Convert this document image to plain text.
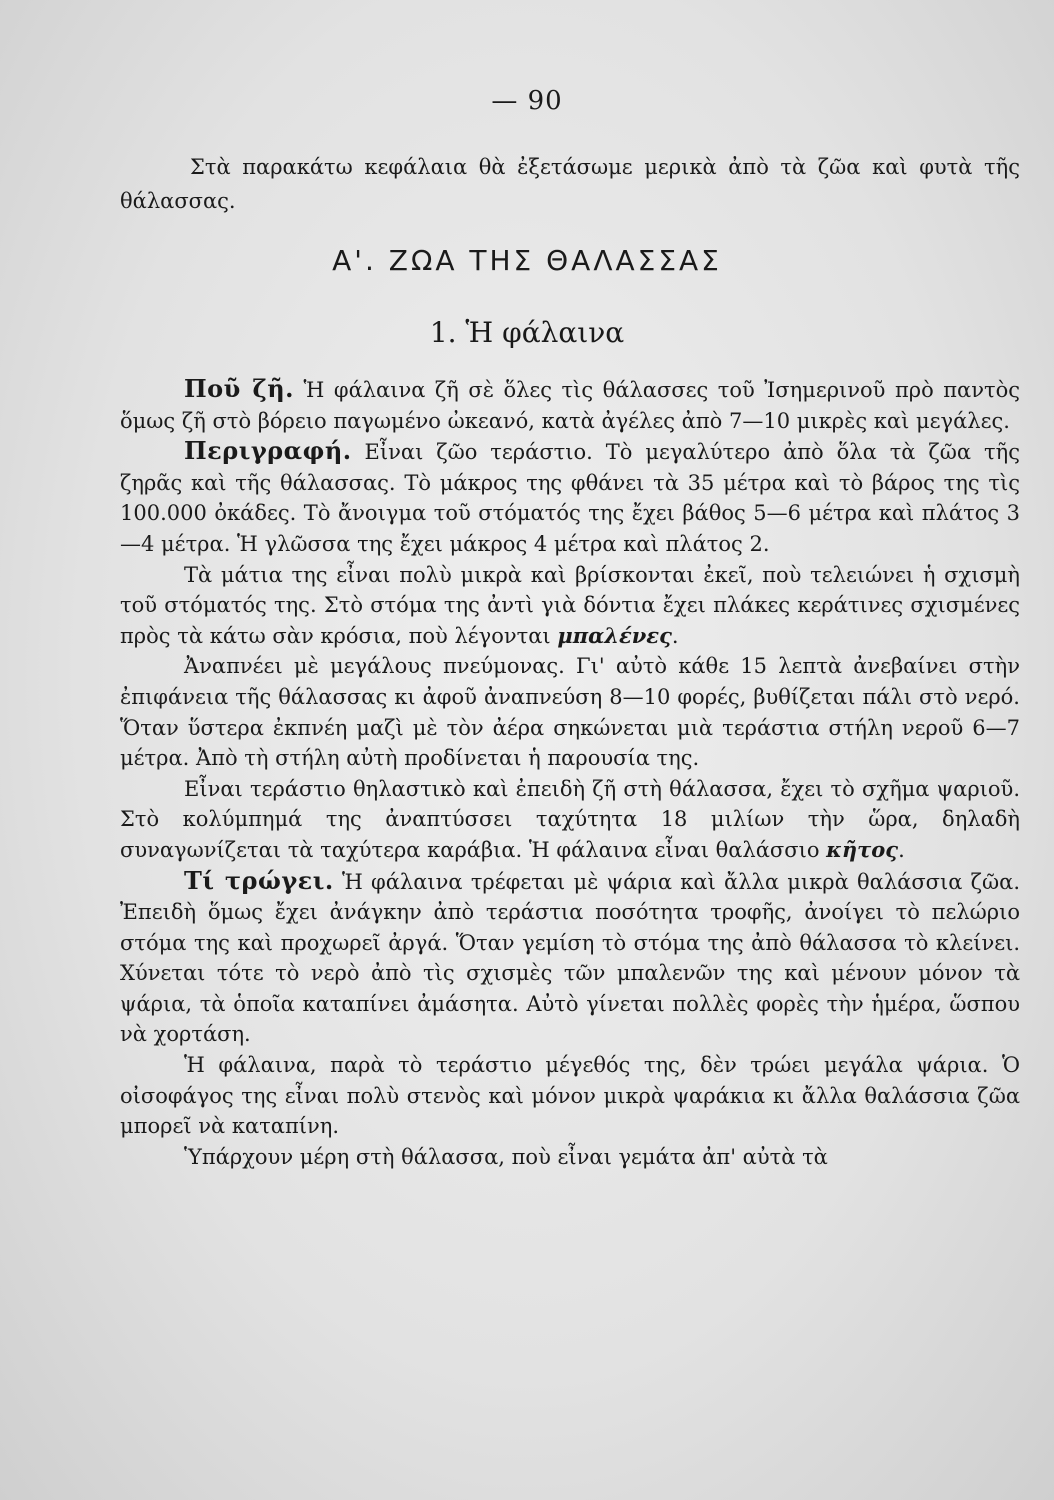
— 90

Στὰ παρακάτω κεφάλαια θὰ ἐξετάσωμε μερικὰ ἀπὸ τὰ ζῶα καὶ φυτὰ τῆς θάλασσας.

Α'. ΖΩΑ ΤΗΣ ΘΑΛΑΣΣΑΣ
1. Ἡ φάλαινα

Ποῦ ζῆ. Ἡ φάλαινα ζῆ σὲ ὅλες τὶς θάλασσες τοῦ Ἰσημερινοῦ πρὸ παντὸς ὅμως ζῆ στὸ βόρειο παγωμένο ὠκεανό, κατὰ ἀγέλες ἀπὸ 7—10 μικρὲς καὶ μεγάλες.

Περιγραφή. Εἶναι ζῶο τεράστιο. Τὸ μεγαλύτερο ἀπὸ ὅλα τὰ ζῶα τῆς ζηρᾶς καὶ τῆς θάλασσας. Τὸ μάκρος της φθάνει τὰ 35 μέτρα καὶ τὸ βάρος της τὶς 100.000 ὀκάδες. Τὸ ἄνοιγμα τοῦ στόματός της ἔχει βάθος 5—6 μέτρα καὶ πλάτος 3—4 μέτρα. Ἡ γλῶσσα της ἔχει μάκρος 4 μέτρα καὶ πλάτος 2.

Τὰ μάτια της εἶναι πολὺ μικρὰ καὶ βρίσκονται ἐκεῖ, ποὺ τελειώνει ἡ σχισμὴ τοῦ στόματός της. Στὸ στόμα της ἀντὶ γιὰ δόντια ἔχει πλάκες κεράτινες σχισμένες πρὸς τὰ κάτω σὰν κρόσια, ποὺ λέγονται μπαλένες.

Ἀναπνέει μὲ μεγάλους πνεύμονας. Γι' αὐτὸ κάθε 15 λεπτὰ ἀνεβαίνει στὴν ἐπιφάνεια τῆς θάλασσας κι ἀφοῦ ἀναπνεύση 8—10 φορές, βυθίζεται πάλι στὸ νερό. Ὅταν ὕστερα ἐκπνέη μαζὶ μὲ τὸν ἀέρα σηκώνεται μιὰ τεράστια στήλη νεροῦ 6—7 μέτρα. Ἀπὸ τὴ στήλη αὐτὴ προδίνεται ἡ παρουσία της.

Εἶναι τεράστιο θηλαστικὸ καὶ ἐπειδὴ ζῆ στὴ θάλασσα, ἔχει τὸ σχῆμα ψαριοῦ. Στὸ κολύμπημά της ἀναπτύσσει ταχύτητα 18 μιλίων τὴν ὥρα, δηλαδὴ συναγωνίζεται τὰ ταχύτερα καράβια. Ἡ φάλαινα εἶναι θαλάσσιο κῆτος.

Τί τρώγει. Ἡ φάλαινα τρέφεται μὲ ψάρια καὶ ἄλλα μικρὰ θαλάσσια ζῶα. Ἐπειδὴ ὅμως ἔχει ἀνάγκην ἀπὸ τεράστια ποσότητα τροφῆς, ἀνοίγει τὸ πελώριο στόμα της καὶ προχωρεῖ ἀργά. Ὅταν γεμίση τὸ στόμα της ἀπὸ θάλασσα τὸ κλείνει. Χύνεται τότε τὸ νερὸ ἀπὸ τὶς σχισμὲς τῶν μπαλενῶν της καὶ μένουν μόνον τὰ ψάρια, τὰ ὁποῖα καταπίνει ἀμάσητα. Αὐτὸ γίνεται πολλὲς φορὲς τὴν ἡμέρα, ὥσπου νὰ χορτάση.

Ἡ φάλαινα, παρὰ τὸ τεράστιο μέγεθός της, δὲν τρώει μεγάλα ψάρια. Ὁ οἰσοφάγος της εἶναι πολὺ στενὸς καὶ μόνον μικρὰ ψαράκια κι ἄλλα θαλάσσια ζῶα μπορεῖ νὰ καταπίνη.

Ὑπάρχουν μέρη στὴ θάλασσα, ποὺ εἶναι γεμάτα ἀπ' αὐτὰ τὰ
